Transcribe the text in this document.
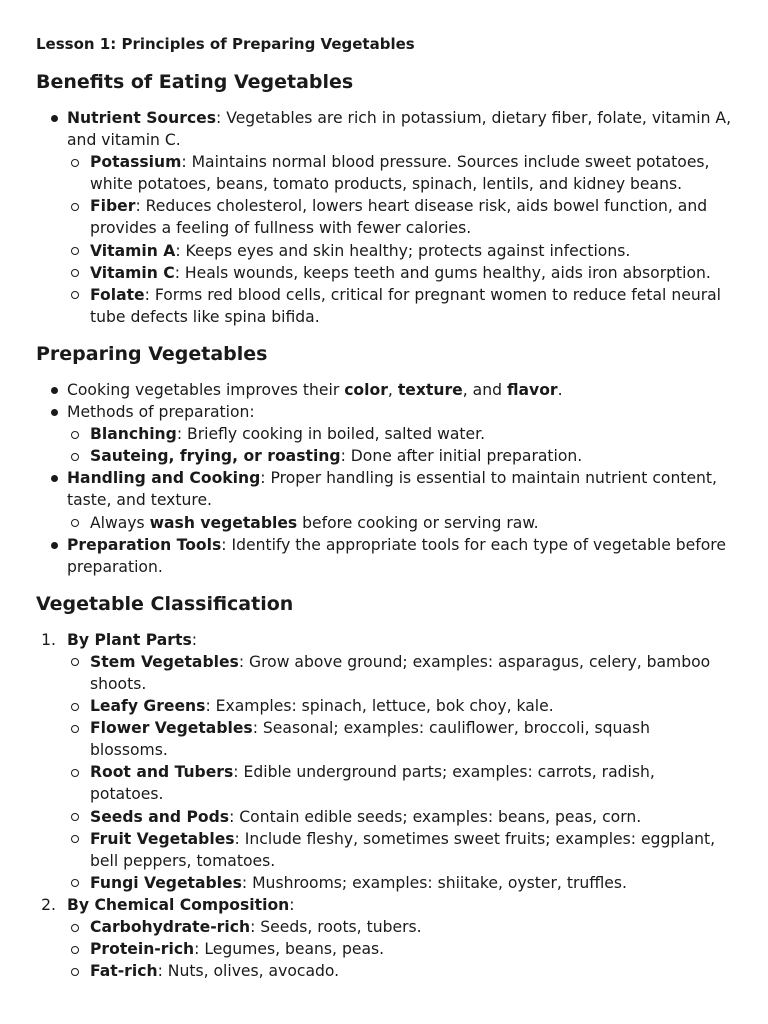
Lesson 1: Principles of Preparing Vegetables
Benefits of Eating Vegetables
Nutrient Sources: Vegetables are rich in potassium, dietary fiber, folate, vitamin A, and vitamin C.
Potassium: Maintains normal blood pressure. Sources include sweet potatoes, white potatoes, beans, tomato products, spinach, lentils, and kidney beans.
Fiber: Reduces cholesterol, lowers heart disease risk, aids bowel function, and provides a feeling of fullness with fewer calories.
Vitamin A: Keeps eyes and skin healthy; protects against infections.
Vitamin C: Heals wounds, keeps teeth and gums healthy, aids iron absorption.
Folate: Forms red blood cells, critical for pregnant women to reduce fetal neural tube defects like spina bifida.
Preparing Vegetables
Cooking vegetables improves their color, texture, and flavor.
Methods of preparation:
Blanching: Briefly cooking in boiled, salted water.
Sauteing, frying, or roasting: Done after initial preparation.
Handling and Cooking: Proper handling is essential to maintain nutrient content, taste, and texture.
Always wash vegetables before cooking or serving raw.
Preparation Tools: Identify the appropriate tools for each type of vegetable before preparation.
Vegetable Classification
1. By Plant Parts:
Stem Vegetables: Grow above ground; examples: asparagus, celery, bamboo shoots.
Leafy Greens: Examples: spinach, lettuce, bok choy, kale.
Flower Vegetables: Seasonal; examples: cauliflower, broccoli, squash blossoms.
Root and Tubers: Edible underground parts; examples: carrots, radish, potatoes.
Seeds and Pods: Contain edible seeds; examples: beans, peas, corn.
Fruit Vegetables: Include fleshy, sometimes sweet fruits; examples: eggplant, bell peppers, tomatoes.
Fungi Vegetables: Mushrooms; examples: shiitake, oyster, truffles.
2. By Chemical Composition:
Carbohydrate-rich: Seeds, roots, tubers.
Protein-rich: Legumes, beans, peas.
Fat-rich: Nuts, olives, avocado.
